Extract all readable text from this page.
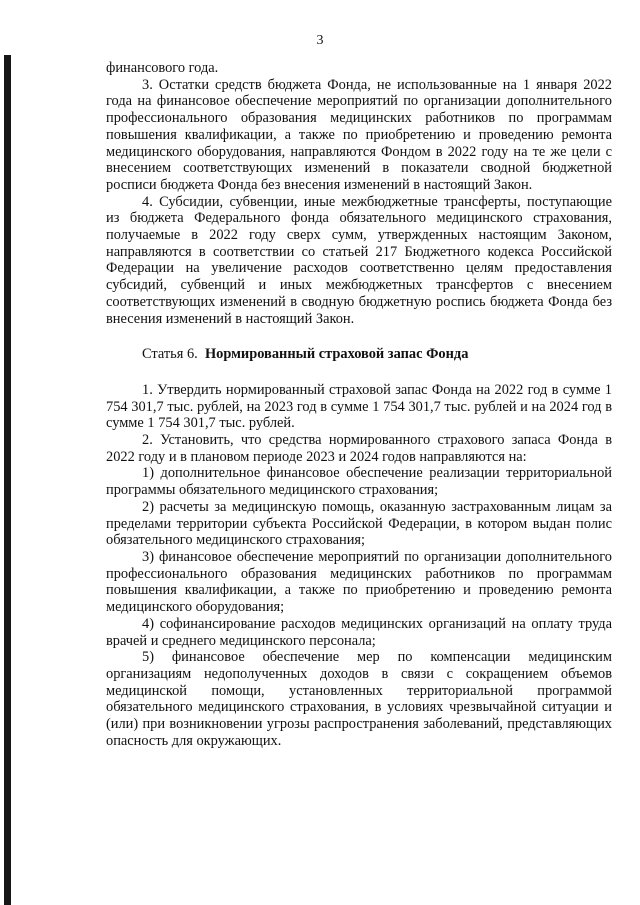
3

финансового года.

3. Остатки средств бюджета Фонда, не использованные на 1 января 2022 года на финансовое обеспечение мероприятий по организации дополнительного профессионального образования медицинских работников по программам повышения квалификации, а также по приобретению и проведению ремонта медицинского оборудования, направляются Фондом в 2022 году на те же цели с внесением соответствующих изменений в показатели сводной бюджетной росписи бюджета Фонда без внесения изменений в настоящий Закон.

4. Субсидии, субвенции, иные межбюджетные трансферты, поступающие из бюджета Федерального фонда обязательного медицинского страхования, получаемые в 2022 году сверх сумм, утвержденных настоящим Законом, направляются в соответствии со статьей 217 Бюджетного кодекса Российской Федерации на увеличение расходов соответственно целям предоставления субсидий, субвенций и иных межбюджетных трансфертов с внесением соответствующих изменений в сводную бюджетную роспись бюджета Фонда без внесения изменений в настоящий Закон.

Статья 6. Нормированный страховой запас Фонда

1. Утвердить нормированный страховой запас Фонда на 2022 год в сумме 1 754 301,7 тыс. рублей, на 2023 год в сумме 1 754 301,7 тыс. рублей и на 2024 год в сумме 1 754 301,7 тыс. рублей.

2. Установить, что средства нормированного страхового запаса Фонда в 2022 году и в плановом периоде 2023 и 2024 годов направляются на:

1) дополнительное финансовое обеспечение реализации территориальной программы обязательного медицинского страхования;

2) расчеты за медицинскую помощь, оказанную застрахованным лицам за пределами территории субъекта Российской Федерации, в котором выдан полис обязательного медицинского страхования;

3) финансовое обеспечение мероприятий по организации дополнительного профессионального образования медицинских работников по программам повышения квалификации, а также по приобретению и проведению ремонта медицинского оборудования;

4) софинансирование расходов медицинских организаций на оплату труда врачей и среднего медицинского персонала;

5) финансовое обеспечение мер по компенсации медицинским организациям недополученных доходов в связи с сокращением объемов медицинской помощи, установленных территориальной программой обязательного медицинского страхования, в условиях чрезвычайной ситуации и (или) при возникновении угрозы распространения заболеваний, представляющих опасность для окружающих.
